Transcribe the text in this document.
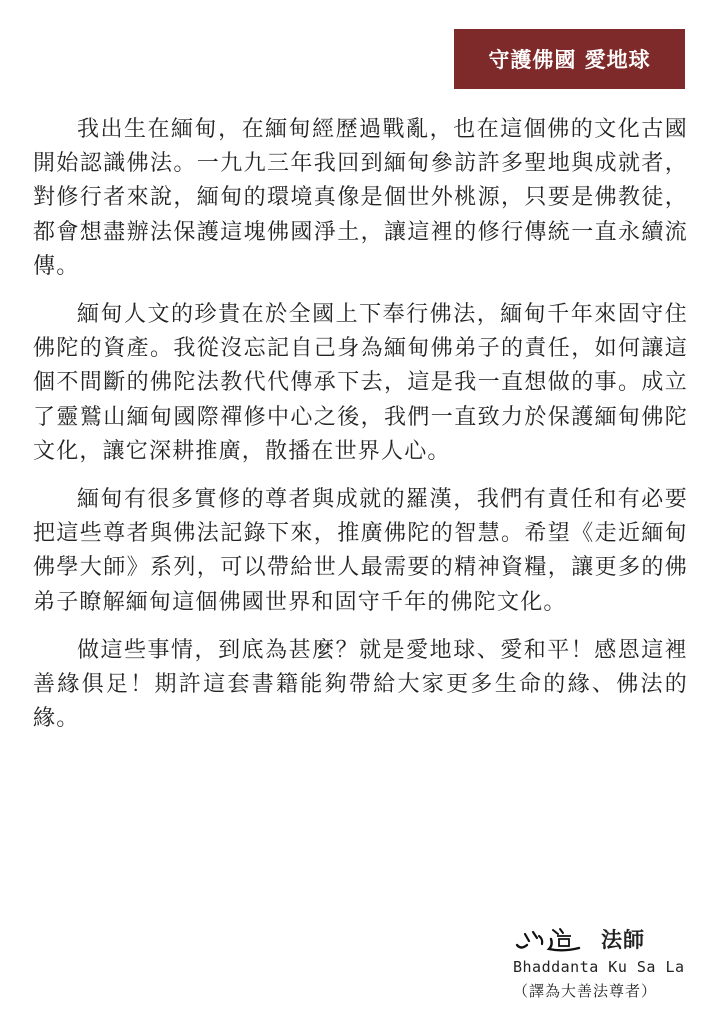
守護佛國 愛地球

我出生在緬甸，在緬甸經歷過戰亂，也在這個佛的文化古國開始認識佛法。一九九三年我回到緬甸參訪許多聖地與成就者，對修行者來說，緬甸的環境真像是個世外桃源，只要是佛教徒，都會想盡辦法保護這塊佛國淨土，讓這裡的修行傳統一直永續流傳。

緬甸人文的珍貴在於全國上下奉行佛法，緬甸千年來固守住佛陀的資產。我從沒忘記自己身為緬甸佛弟子的責任，如何讓這個不間斷的佛陀法教代代傳承下去，這是我一直想做的事。成立了靈鷲山緬甸國際禪修中心之後，我們一直致力於保護緬甸佛陀文化，讓它深耕推廣，散播在世界人心。

緬甸有很多實修的尊者與成就的羅漢，我們有責任和有必要把這些尊者與佛法記錄下來，推廣佛陀的智慧。希望《走近緬甸佛學大師》系列，可以帶給世人最需要的精神資糧，讓更多的佛弟子瞭解緬甸這個佛國世界和固守千年的佛陀文化。

做這些事情，到底為甚麼？就是愛地球、愛和平！感恩這裡善緣俱足！期許這套書籍能夠帶給大家更多生命的緣、佛法的緣。

法師
Bhaddanta Ku Sa La
（譯為大善法尊者）
